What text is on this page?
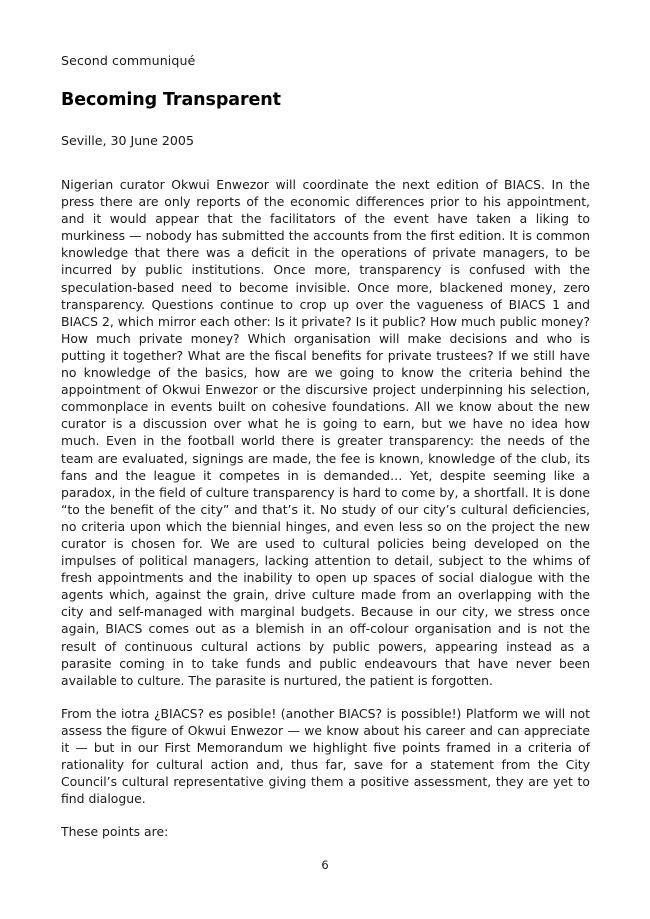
Second communiqué

Becoming Transparent

Seville, 30 June 2005

Nigerian curator Okwui Enwezor will coordinate the next edition of BIACS. In the press there are only reports of the economic differences prior to his appointment, and it would appear that the facilitators of the event have taken a liking to murkiness — nobody has submitted the accounts from the first edition. It is common knowledge that there was a deficit in the operations of private managers, to be incurred by public institutions. Once more, transparency is confused with the speculation-based need to become invisible. Once more, blackened money, zero transparency. Questions continue to crop up over the vagueness of BIACS 1 and BIACS 2, which mirror each other: Is it private? Is it public? How much public money? How much private money? Which organisation will make decisions and who is putting it together? What are the fiscal benefits for private trustees? If we still have no knowledge of the basics, how are we going to know the criteria behind the appointment of Okwui Enwezor or the discursive project underpinning his selection, commonplace in events built on cohesive foundations. All we know about the new curator is a discussion over what he is going to earn, but we have no idea how much. Even in the football world there is greater transparency: the needs of the team are evaluated, signings are made, the fee is known, knowledge of the club, its fans and the league it competes in is demanded… Yet, despite seeming like a paradox, in the field of culture transparency is hard to come by, a shortfall. It is done “to the benefit of the city” and that’s it. No study of our city’s cultural deficiencies, no criteria upon which the biennial hinges, and even less so on the project the new curator is chosen for. We are used to cultural policies being developed on the impulses of political managers, lacking attention to detail, subject to the whims of fresh appointments and the inability to open up spaces of social dialogue with the agents which, against the grain, drive culture made from an overlapping with the city and self-managed with marginal budgets. Because in our city, we stress once again, BIACS comes out as a blemish in an off-colour organisation and is not the result of continuous cultural actions by public powers, appearing instead as a parasite coming in to take funds and public endeavours that have never been available to culture. The parasite is nurtured, the patient is forgotten.

From the iotra ¿BIACS? es posible! (another BIACS? is possible!) Platform we will not assess the figure of Okwui Enwezor — we know about his career and can appreciate it — but in our First Memorandum we highlight five points framed in a criteria of rationality for cultural action and, thus far, save for a statement from the City Council’s cultural representative giving them a positive assessment, they are yet to find dialogue.

These points are:

6
